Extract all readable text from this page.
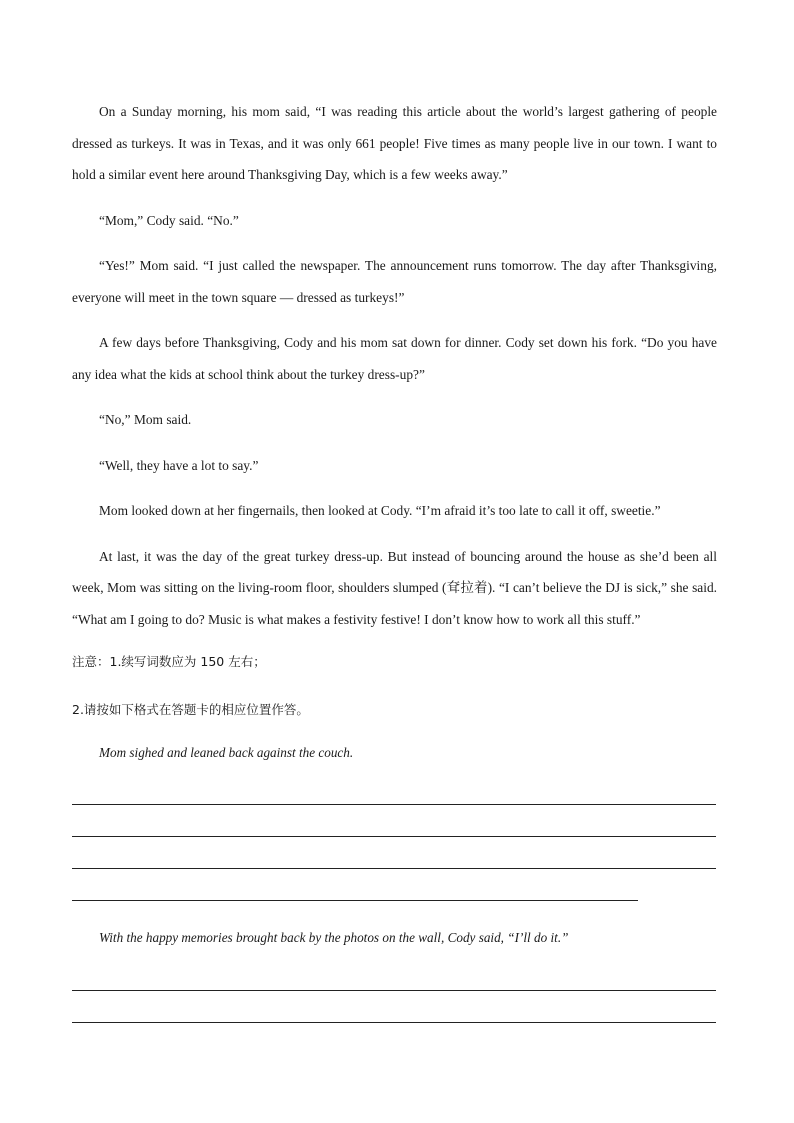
On a Sunday morning, his mom said, “I was reading this article about the world’s largest gathering of people dressed as turkeys. It was in Texas, and it was only 661 people! Five times as many people live in our town. I want to hold a similar event here around Thanksgiving Day, which is a few weeks away.”

“Mom,” Cody said. “No.”

“Yes!” Mom said. “I just called the newspaper. The announcement runs tomorrow. The day after Thanksgiving, everyone will meet in the town square — dressed as turkeys!”

A few days before Thanksgiving, Cody and his mom sat down for dinner. Cody set down his fork. “Do you have any idea what the kids at school think about the turkey dress-up?”

“No,” Mom said.

“Well, they have a lot to say.”

Mom looked down at her fingernails, then looked at Cody. “I’m afraid it’s too late to call it off, sweetie.”

At last, it was the day of the great turkey dress-up. But instead of bouncing around the house as she’d been all week, Mom was sitting on the living-room floor, shoulders slumped (耷拉着). “I can’t believe the DJ is sick,” she said. “What am I going to do? Music is what makes a festivity festive! I don’t know how to work all this stuff.”

注意：1.续写词数应为 150 左右；

2.请按如下格式在答题卡的相应位置作答。

Mom sighed and leaned back against the couch.

With the happy memories brought back by the photos on the wall, Cody said, “I’ll do it.”
